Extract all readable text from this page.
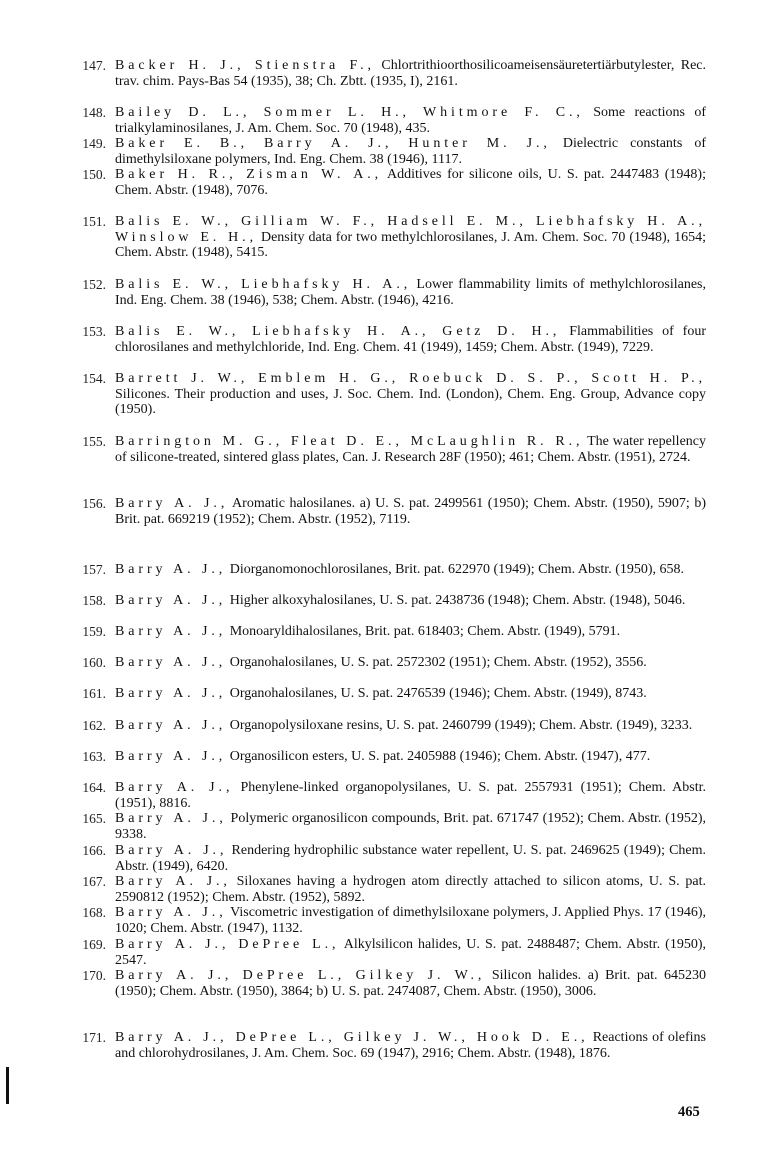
147. Backer H. J., Stienstra F., Chlortrithioorthosilicoameisensäuretertiärbutylester, Rec. trav. chim. Pays-Bas 54 (1935), 38; Ch. Zbtt. (1935, I), 2161.
148. Bailey D. L., Sommer L. H., Whitmore F. C., Some reactions of trialkylaminosilanes, J. Am. Chem. Soc. 70 (1948), 435.
149. Baker E. B., Barry A. J., Hunter M. J., Dielectric constants of dimethylsiloxane polymers, Ind. Eng. Chem. 38 (1946), 1117.
150. Baker H. R., Zisman W. A., Additives for silicone oils, U. S. pat. 2447483 (1948); Chem. Abstr. (1948), 7076.
151. Balis E. W., Gilliam W. F., Hadsell E. M., Liebhafsky H. A., Winslow E. H., Density data for two methylchlorosilanes, J. Am. Chem. Soc. 70 (1948), 1654; Chem. Abstr. (1948), 5415.
152. Balis E. W., Liebhafsky H. A., Lower flammability limits of methylchlorosilanes, Ind. Eng. Chem. 38 (1946), 538; Chem. Abstr. (1946), 4216.
153. Balis E. W., Liebhafsky H. A., Getz D. H., Flammabilities of four chlorosilanes and methylchloride, Ind. Eng. Chem. 41 (1949), 1459; Chem. Abstr. (1949), 7229.
154. Barrett J. W., Emblem H. G., Roebuck D. S. P., Scott H. P., Silicones. Their production and uses, J. Soc. Chem. Ind. (London), Chem. Eng. Group, Advance copy (1950).
155. Barrington M. G., Fleat D. E., McLaughlin R. R., The water repellency of silicone-treated, sintered glass plates, Can. J. Research 28F (1950); 461; Chem. Abstr. (1951), 2724.
156. Barry A. J., Aromatic halosilanes. a) U. S. pat. 2499561 (1950); Chem. Abstr. (1950), 5907; b) Brit. pat. 669219 (1952); Chem. Abstr. (1952), 7119.
157. Barry A. J., Diorganomonochlorosilanes, Brit. pat. 622970 (1949); Chem. Abstr. (1950), 658.
158. Barry A. J., Higher alkoxyhalosilanes, U. S. pat. 2438736 (1948); Chem. Abstr. (1948), 5046.
159. Barry A. J., Monoaryldihalosilanes, Brit. pat. 618403; Chem. Abstr. (1949), 5791.
160. Barry A. J., Organohalosilanes, U. S. pat. 2572302 (1951); Chem. Abstr. (1952), 3556.
161. Barry A. J., Organohalosilanes, U. S. pat. 2476539 (1946); Chem. Abstr. (1949), 8743.
162. Barry A. J., Organopolysiloxane resins, U. S. pat. 2460799 (1949); Chem. Abstr. (1949), 3233.
163. Barry A. J., Organosilicon esters, U. S. pat. 2405988 (1946); Chem. Abstr. (1947), 477.
164. Barry A. J., Phenylene-linked organopolysilanes, U. S. pat. 2557931 (1951); Chem. Abstr. (1951), 8816.
165. Barry A. J., Polymeric organosilicon compounds, Brit. pat. 671747 (1952); Chem. Abstr. (1952), 9338.
166. Barry A. J., Rendering hydrophilic substance water repellent, U. S. pat. 2469625 (1949); Chem. Abstr. (1949), 6420.
167. Barry A. J., Siloxanes having a hydrogen atom directly attached to silicon atoms, U. S. pat. 2590812 (1952); Chem. Abstr. (1952), 5892.
168. Barry A. J., Viscometric investigation of dimethylsiloxane polymers, J. Applied Phys. 17 (1946), 1020; Chem. Abstr. (1947), 1132.
169. Barry A. J., DePree L., Alkylsilicon halides, U. S. pat. 2488487; Chem. Abstr. (1950), 2547.
170. Barry A. J., DePree L., Gilkey J. W., Silicon halides. a) Brit. pat. 645230 (1950); Chem. Abstr. (1950), 3864; b) U. S. pat. 2474087, Chem. Abstr. (1950), 3006.
171. Barry A. J., DePree L., Gilkey J. W., Hook D. E., Reactions of olefins and chlorohydrosilanes, J. Am. Chem. Soc. 69 (1947), 2916; Chem. Abstr. (1948), 1876.
465
